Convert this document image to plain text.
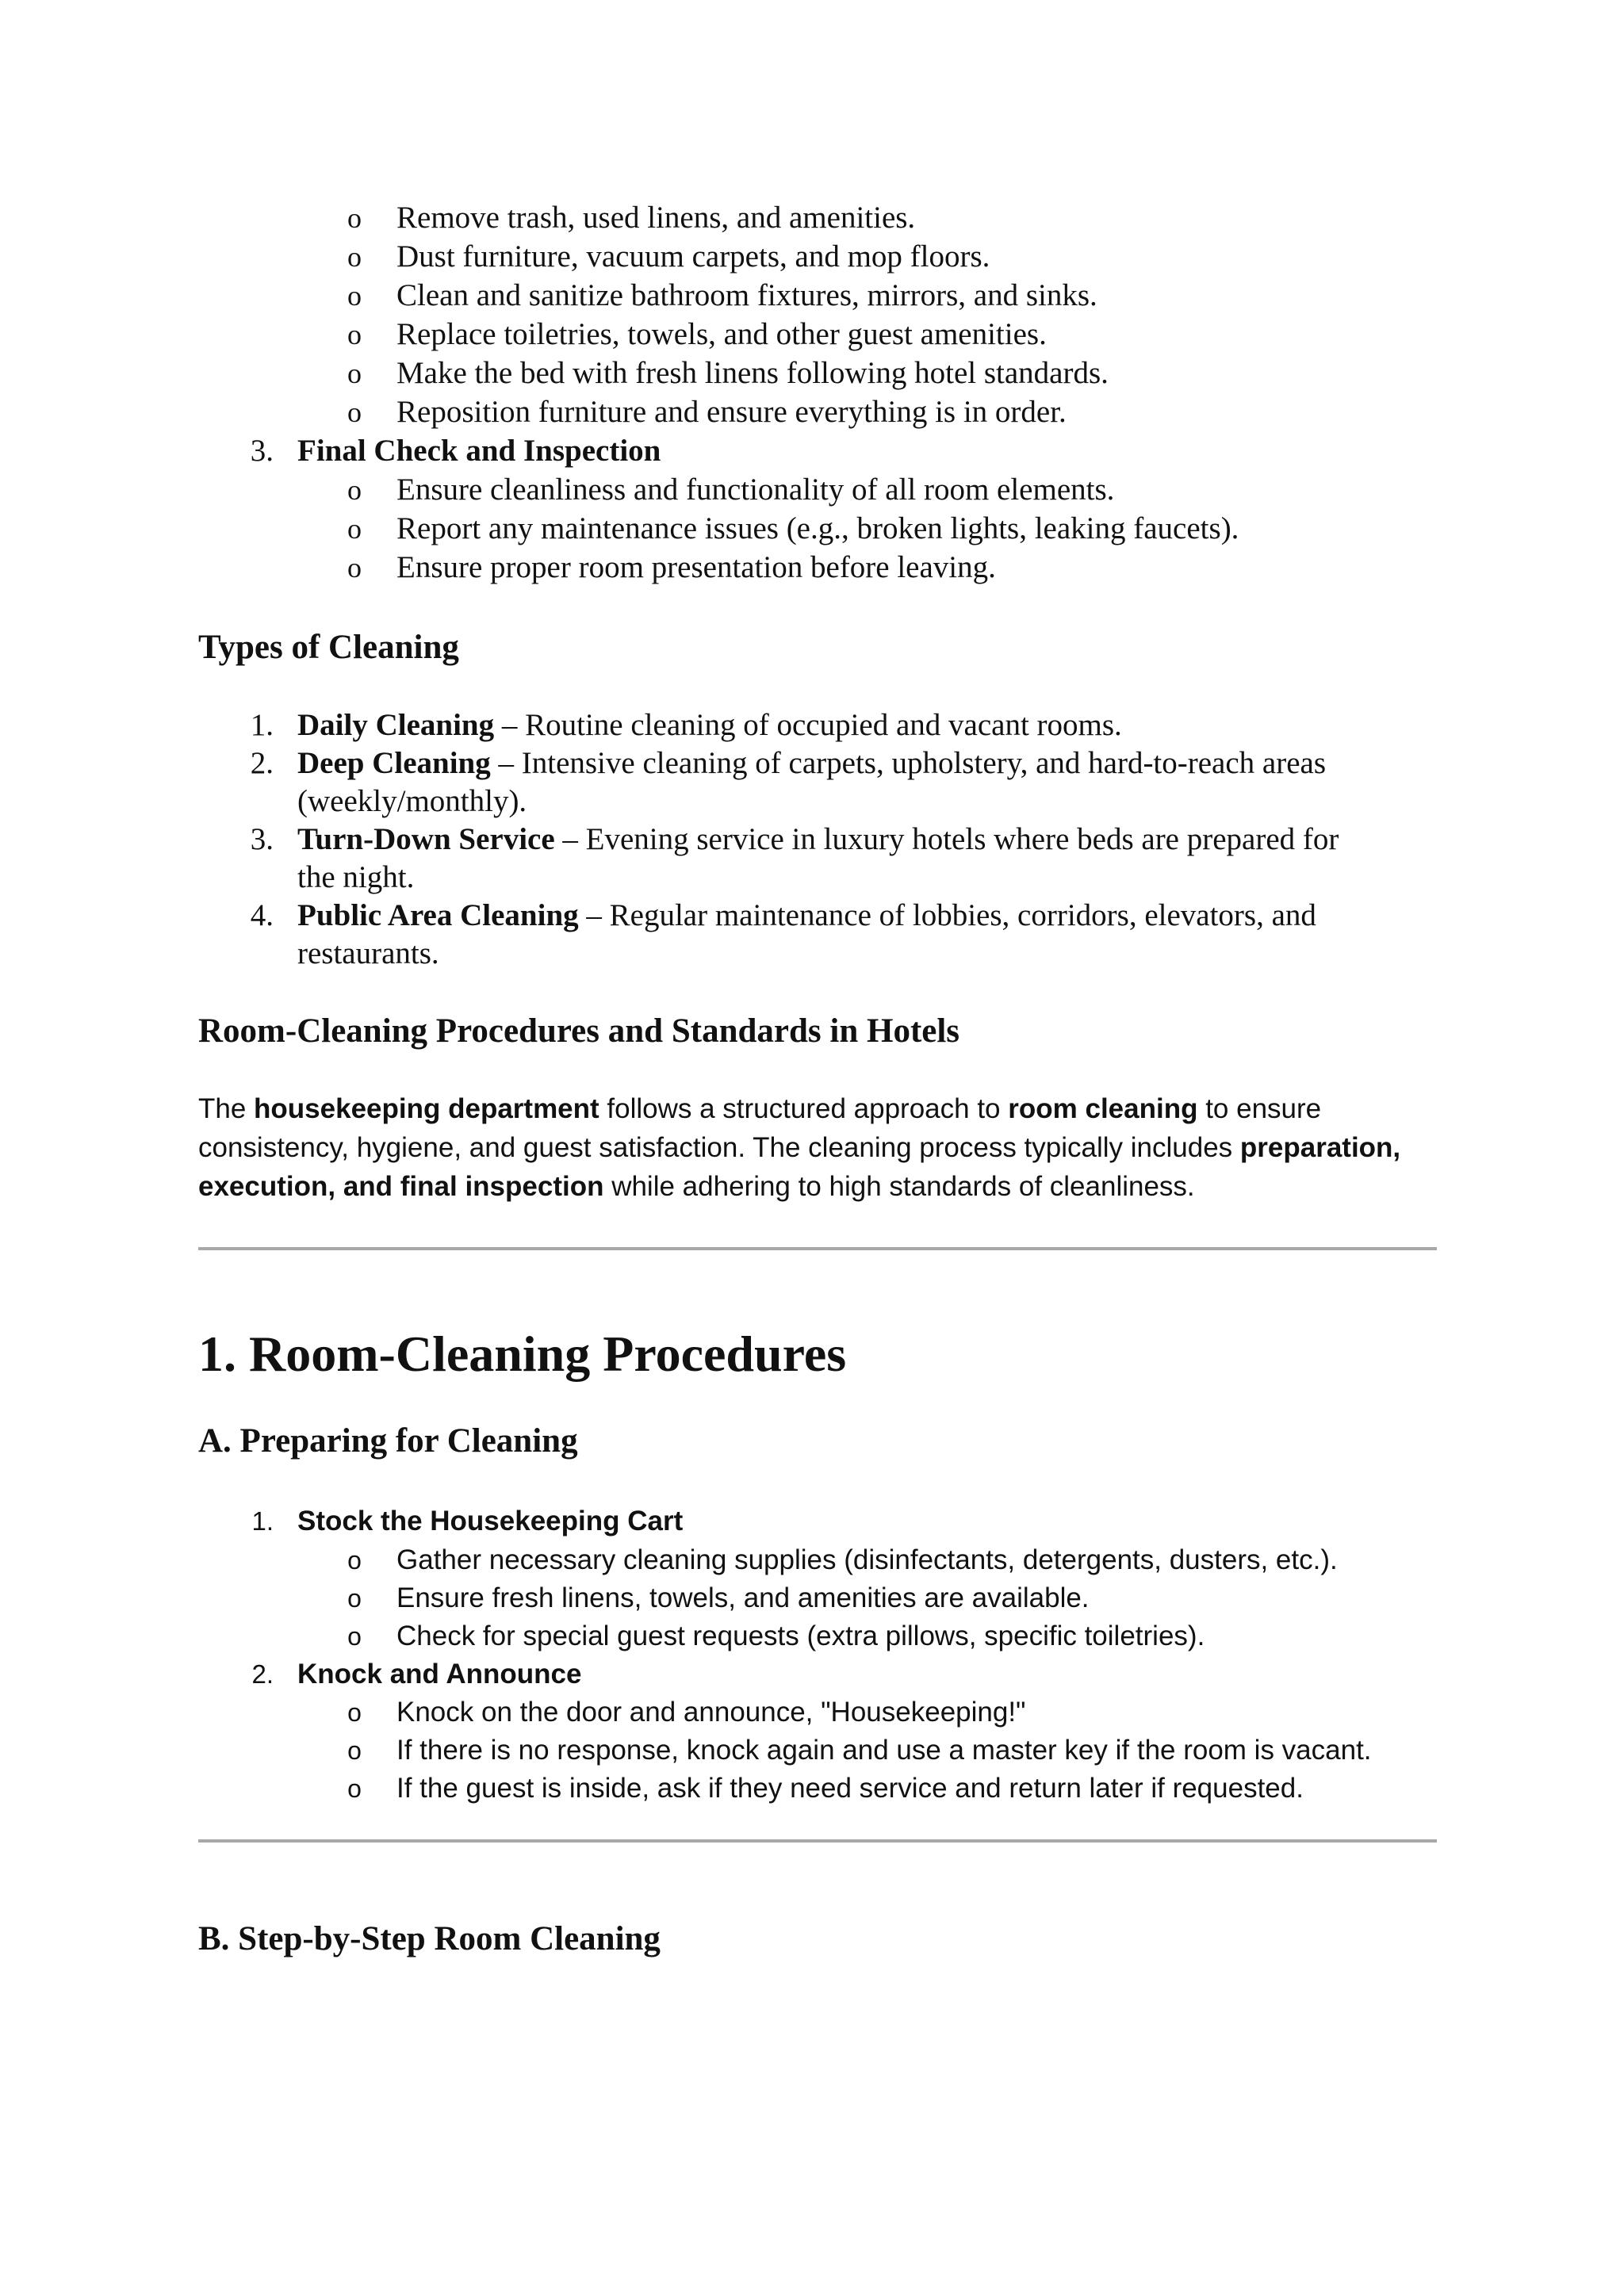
o Remove trash, used linens, and amenities.
o Dust furniture, vacuum carpets, and mop floors.
o Clean and sanitize bathroom fixtures, mirrors, and sinks.
o Replace toiletries, towels, and other guest amenities.
o Make the bed with fresh linens following hotel standards.
o Reposition furniture and ensure everything is in order.
3. Final Check and Inspection
o Ensure cleanliness and functionality of all room elements.
o Report any maintenance issues (e.g., broken lights, leaking faucets).
o Ensure proper room presentation before leaving.
Types of Cleaning
1. Daily Cleaning – Routine cleaning of occupied and vacant rooms.
2. Deep Cleaning – Intensive cleaning of carpets, upholstery, and hard-to-reach areas
(weekly/monthly).
3. Turn-Down Service – Evening service in luxury hotels where beds are prepared for
the night.
4. Public Area Cleaning – Regular maintenance of lobbies, corridors, elevators, and
restaurants.
Room-Cleaning Procedures and Standards in Hotels
The housekeeping department follows a structured approach to room cleaning to ensure
consistency, hygiene, and guest satisfaction. The cleaning process typically includes preparation,
execution, and final inspection while adhering to high standards of cleanliness.
1. Room-Cleaning Procedures
A. Preparing for Cleaning
1. Stock the Housekeeping Cart
o	Gather necessary cleaning supplies (disinfectants, detergents, dusters, etc.).
o	Ensure fresh linens, towels, and amenities are available.
o	Check for special guest requests (extra pillows, specific toiletries).
2. Knock and Announce
o	Knock on the door and announce, "Housekeeping!"
o	If there is no response, knock again and use a master key if the room is vacant.
o	If the guest is inside, ask if they need service and return later if requested.
B. Step-by-Step Room Cleaning
